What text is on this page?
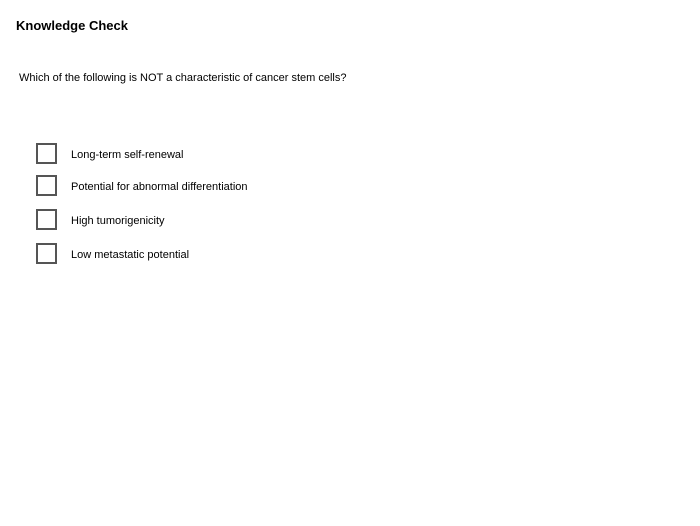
Knowledge Check
Which of the following is NOT a characteristic of cancer stem cells?
Long-term self-renewal
Potential for abnormal differentiation
High tumorigenicity
Low metastatic potential
